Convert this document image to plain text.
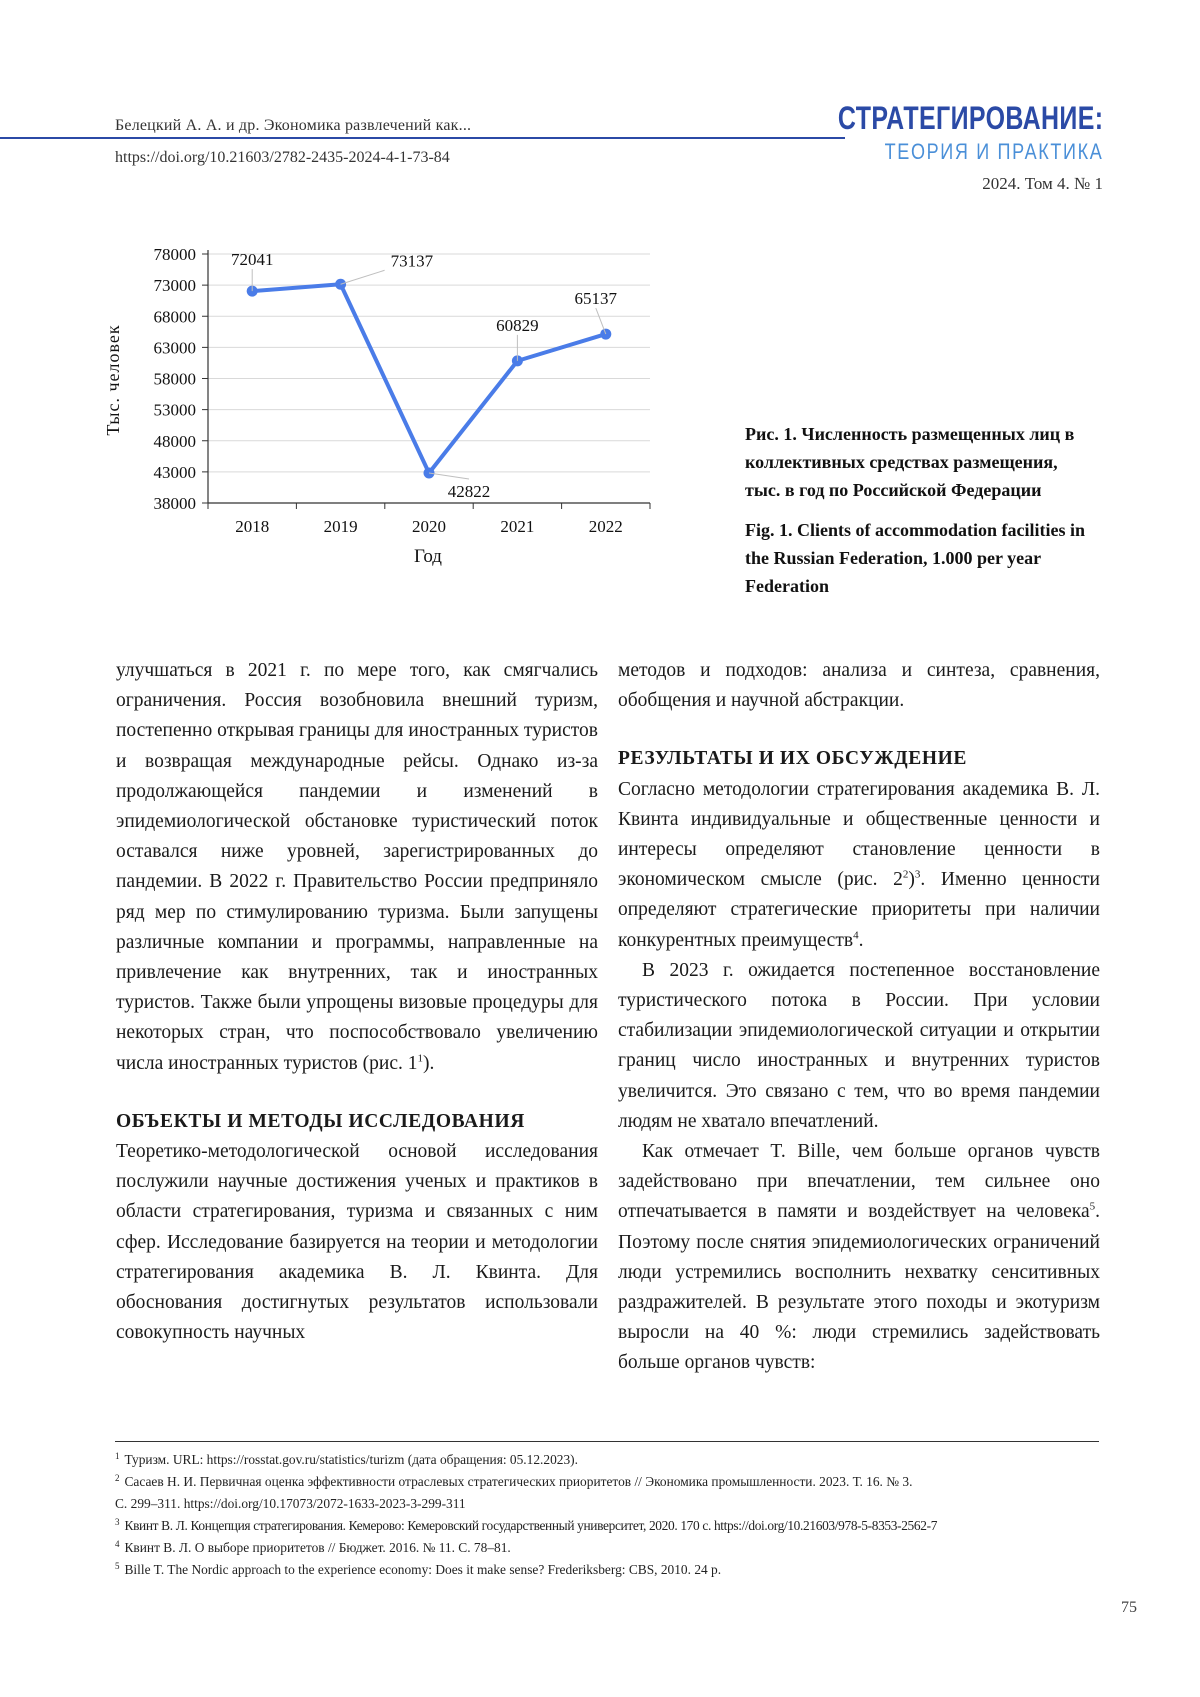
Белецкий А. А. и др. Экономика развлечений как...
https://doi.org/10.21603/2782-2435-2024-4-1-73-84
СТРАТЕГИРОВАНИЕ:
ТЕОРИЯ И ПРАКТИКА
2024. Том 4. № 1
38000
43000
48000
53000
58000
63000
68000
73000
78000
2018	2019	2020	2021	2022
72041	73137
42822
60829
65137
Год
Тыс. человек	Рис. 1. Численность размещенных лиц в коллективных средствах размещения, тыс. в год по Российской Федерации

Fig. 1. Clients of accommodation facilities in the Russian Federation, 1.000 per year Federation

улучшаться в 2021 г. по мере того, как смягчались ограничения. Россия возобновила внешний туризм, постепенно открывая границы для иностранных туристов и возвращая международные рейсы. Однако из-за продолжающейся пандемии и изменений в эпидемиологической обстановке туристический поток оставался ниже уровней, зарегистрированных до пандемии. В 2022 г. Правительство России предприняло ряд мер по стимулированию туризма. Были запущены различные компании и программы, направленные на привлечение как внутренних, так и иностранных туристов. Также были упрощены визовые процедуры для некоторых стран, что поспособствовало увеличению числа иностранных туристов (рис. $1^1$).

ОБЪЕКТЫ И МЕТОДЫ ИССЛЕДОВАНИЯ

Теоретико-методологической основой исследования послужили научные достижения ученых и практиков в области стратегирования, туризма и связанных с ним сфер. Исследование базируется на теории и методологии стратегирования академика В. Л. Квинта. Для обоснования достигнутых результатов использовали совокупность научных

методов и подходов: анализа и синтеза, сравнения, обобщения и научной абстракции.

РЕЗУЛЬТАТЫ И ИХ ОБСУЖДЕНИЕ

Согласно методологии стратегирования академика В. Л. Квинта индивидуальные и общественные ценности и интересы определяют становление ценности в экономическом смысле (рис. $2^2)^3$. Именно ценности определяют стратегические приоритеты при наличии конкурентных преимуществ$^4$.

В 2023 г. ожидается постепенное восстановление туристического потока в России. При условии стабилизации эпидемиологической ситуации и открытии границ число иностранных и внутренних туристов увеличится. Это связано с тем, что во время пандемии людям не хватало впечатлений.

Как отмечает T. Bille, чем больше органов чувств задействовано при впечатлении, тем сильнее оно отпечатывается в памяти и воздействует на человека$^5$. Поэтому после снятия эпидемиологических ограничений люди устремились восполнить нехватку сенситивных раздражителей. В результате этого походы и экотуризм выросли на 40 %: люди стремились задействовать больше органов чувств:

$^1$ Туризм. URL: https://rosstat.gov.ru/statistics/turizm (дата обращения: 05.12.2023).
$^2$ Сасаев Н. И. Первичная оценка эффективности отраслевых стратегических приоритетов // Экономика промышленности. 2023. Т. 16. № 3.
С. 299–311. https://doi.org/10.17073/2072-1633-2023-3-299-311
$^3$ Квинт В. Л. Концепция стратегирования. Кемерово: Кемеровский государственный университет, 2020. 170 с. https://doi.org/10.21603/978-5-8353-2562-7
$^4$ Квинт В. Л. О выборе приоритетов // Бюджет. 2016. № 11. С. 78–81.
$^5$ Bille T. The Nordic approach to the experience economy: Does it make sense? Frederiksberg: CBS, 2010. 24 p.
75
